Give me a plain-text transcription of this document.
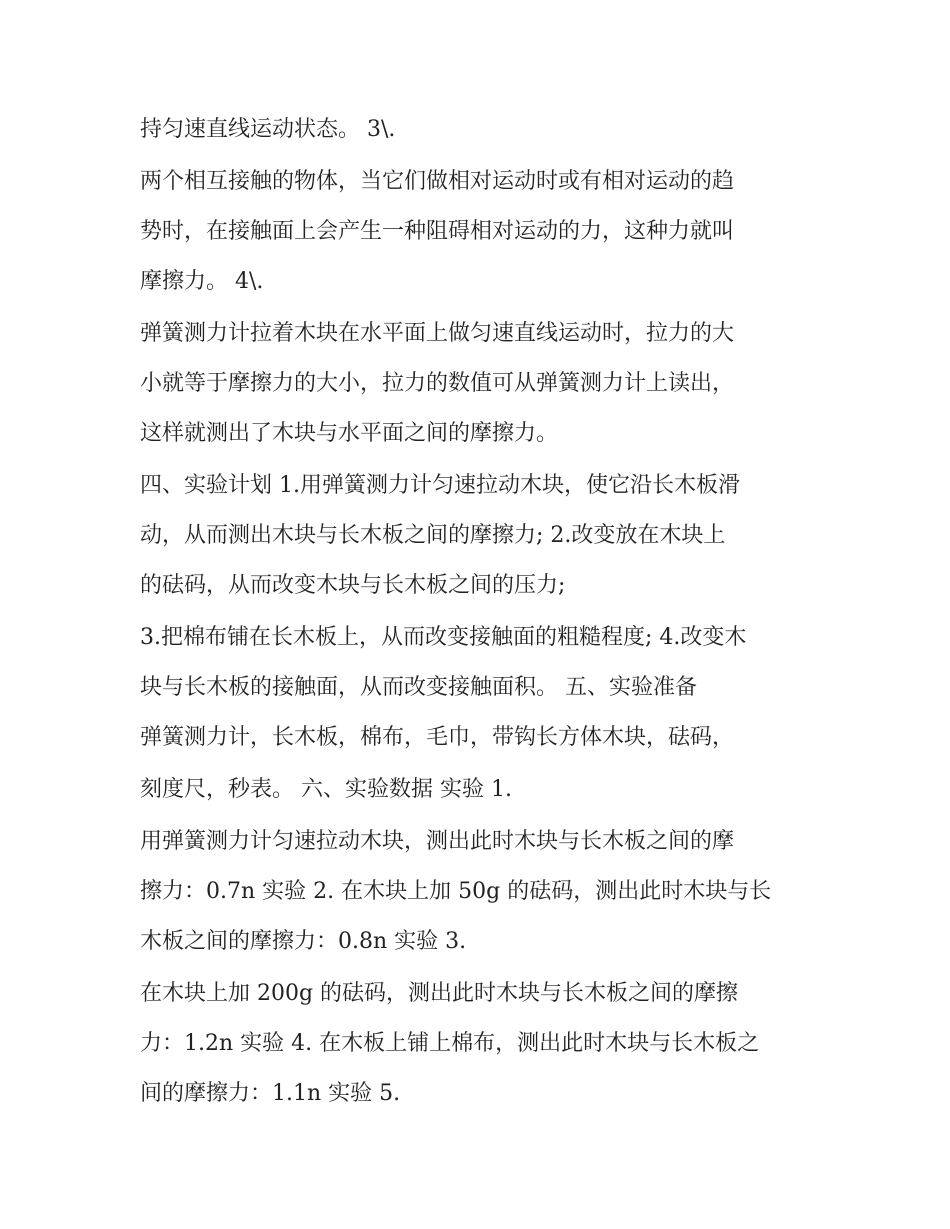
持匀速直线运动状态。 3\.
两个相互接触的物体，当它们做相对运动时或有相对运动的趋
势时，在接触面上会产生一种阻碍相对运动的力，这种力就叫
摩擦力。 4\.
弹簧测力计拉着木块在水平面上做匀速直线运动时，拉力的大
小就等于摩擦力的大小，拉力的数值可从弹簧测力计上读出，
这样就测出了木块与水平面之间的摩擦力。
四、实验计划 1.用弹簧测力计匀速拉动木块，使它沿长木板滑
动，从而测出木块与长木板之间的摩擦力; 2.改变放在木块上
的砝码，从而改变木块与长木板之间的压力;
3.把棉布铺在长木板上，从而改变接触面的粗糙程度; 4.改变木
块与长木板的接触面，从而改变接触面积。 五、实验准备
弹簧测力计，长木板，棉布，毛巾，带钩长方体木块，砝码，
刻度尺，秒表。 六、实验数据 实验 1.
用弹簧测力计匀速拉动木块，测出此时木块与长木板之间的摩
擦力：0.7n 实验 2. 在木块上加 50g 的砝码，测出此时木块与长
木板之间的摩擦力：0.8n 实验 3.
在木块上加 200g 的砝码，测出此时木块与长木板之间的摩擦
力：1.2n 实验 4. 在木板上铺上棉布，测出此时木块与长木板之
间的摩擦力：1.1n 实验 5.
